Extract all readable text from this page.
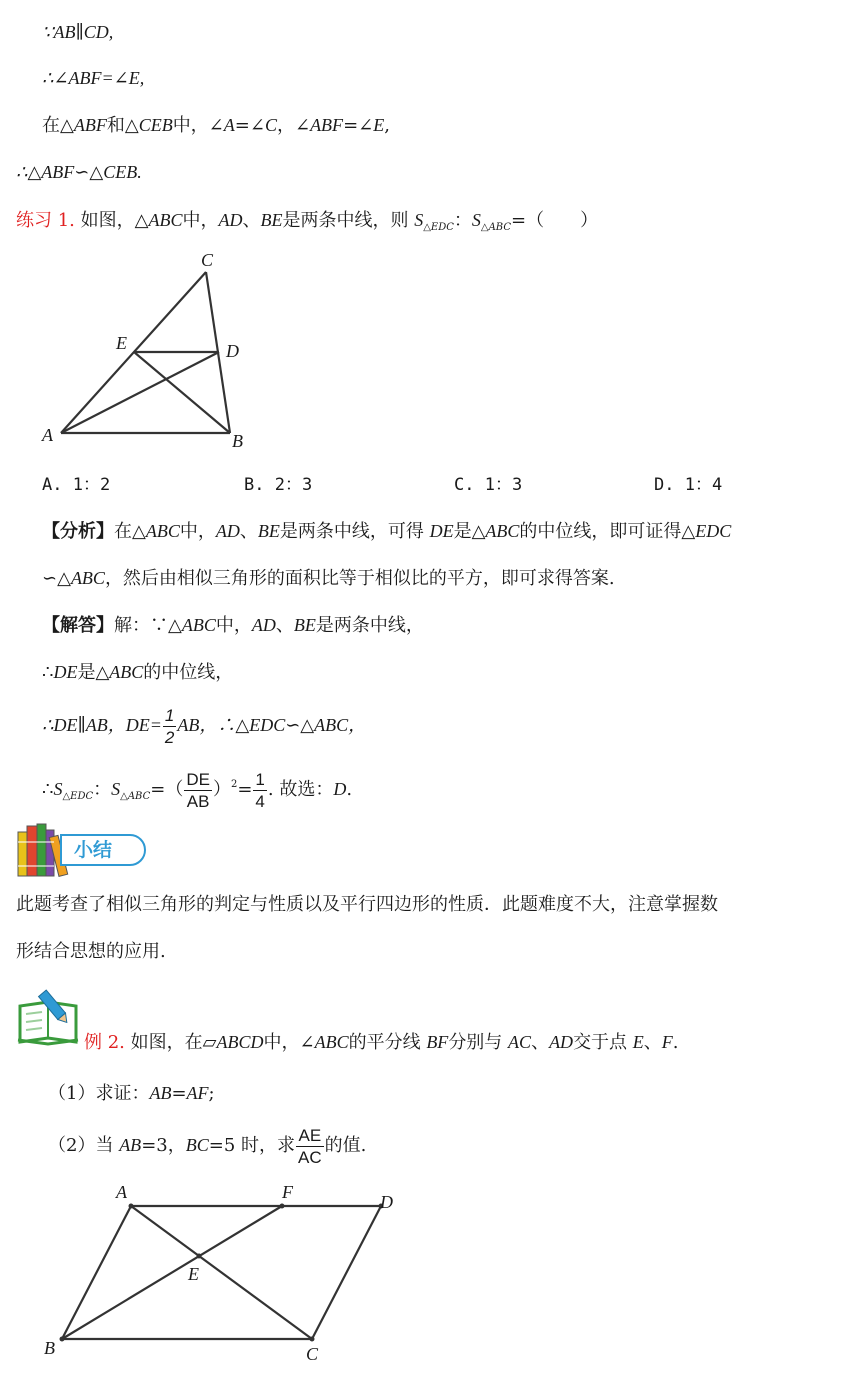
∵AB∥CD,
∴∠ABF=∠E,
在△ABF和△CEB中，∠A=∠C，∠ABF=∠E,
∴△ABF∽△CEB.
练习 1. 如图，△ABC中，AD、BE是两条中线，则 $S_{\triangle EDC}$：$S_{\triangle ABC}=$（　　）
C
E	D
A	B
A. 1：2	B. 2：3	C. 1：3	D. 1：4
【分析】在△ABC中，AD、BE是两条中线，可得 DE是△ABC的中位线，即可证得△EDC
∽△ABC，然后由相似三角形的面积比等于相似比的平方，即可求得答案.
【解答】解：∵△ABC中，AD、BE是两条中线，
∴DE是△ABC的中位线，
∴DE∥AB，$DE= \frac{1}{2}$ AB，∴△EDC∽△ABC，
$\therefore S_{\triangle EDC}$：$S_{\triangle ABC}=( \frac{DE}{AB} )^2= \frac{1}{4}$ . 故选：D.
小结
此题考查了相似三角形的判定与性质以及平行四边形的性质．此题难度不大，注意掌握数
形结合思想的应用.
例 2. 如图，在▱ABCD中，∠ABC的平分线 BF分别与 AC、AD交于点 E、F.
（1）求证：AB=AF;
（2）当 AB=3，BC=5 时，求 $\frac{AE}{AC}$ 的值.
A	F	D
E
B	C
